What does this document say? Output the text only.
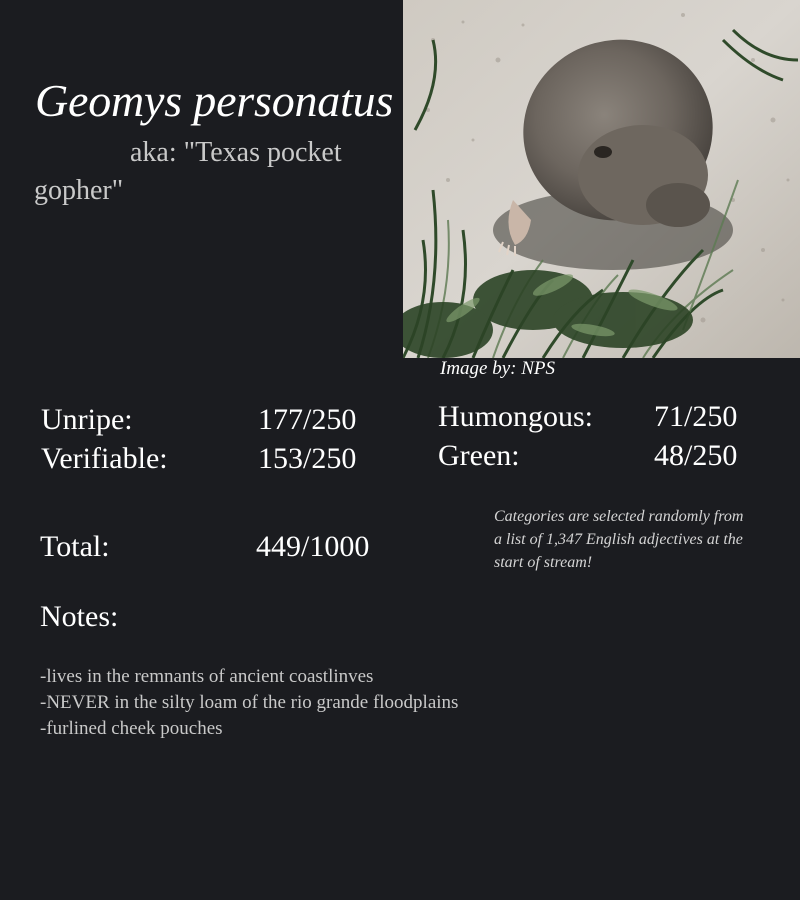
Geomys personatus
aka: "Texas pocket gopher"
Image by: NPS
Unripe:	177/250
Verifiable:	153/250
Humongous: 71/250
Green:	48/250
Total:	449/1000
Categories are selected randomly from a list of 1,347 English adjectives at the start of stream!
Notes:
-lives in the remnants of ancient coastlinves
-NEVER in the silty loam of the rio grande floodplains
-furlined cheek pouches
